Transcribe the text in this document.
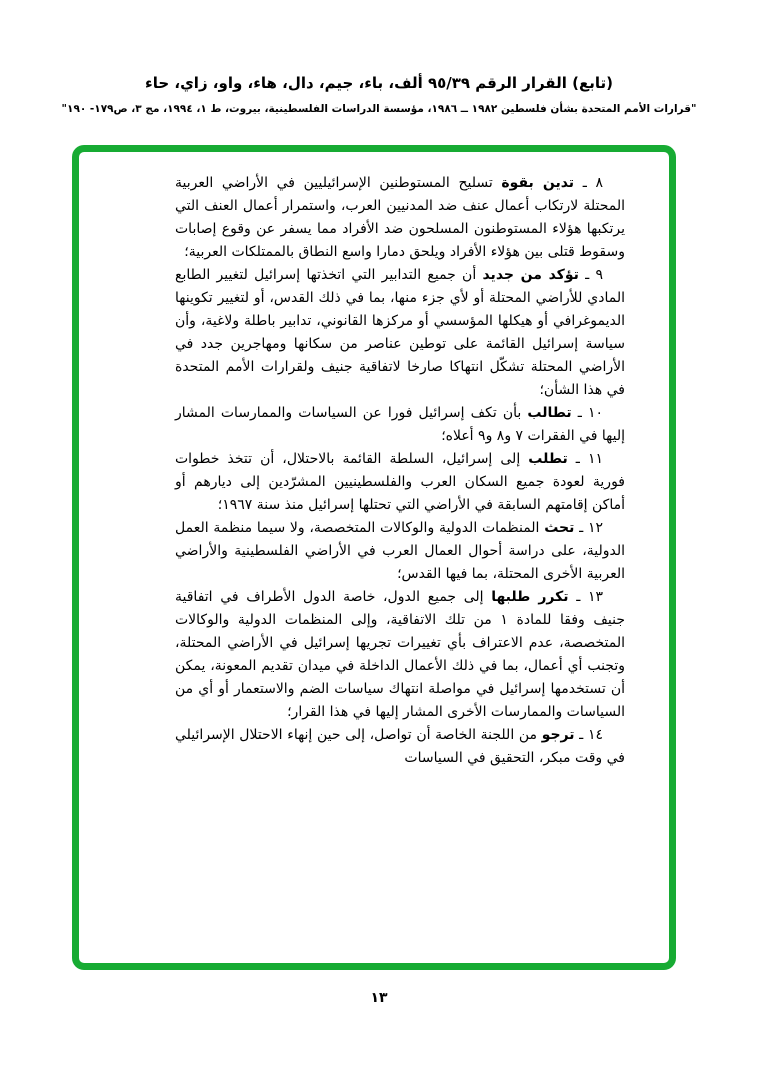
(تابع) القرار الرقم ٩٥/٣٩ ألف، باء، جيم، دال، هاء، واو، زاي، حاء
"قرارات الأمم المتحدة بشأن فلسطين ١٩٨٢ ــ ١٩٨٦، مؤسسة الدراسات الفلسطينية، بيروت، ط ١، ١٩٩٤، مج ٣، ص١٧٩- ١٩٠"

٨ ـ تدين بقوة تسليح المستوطنين الإسرائيليين في الأراضي العربية المحتلة لارتكاب أعمال عنف ضد المدنيين العرب، واستمرار أعمال العنف التي يرتكبها هؤلاء المستوطنون المسلحون ضد الأفراد مما يسفر عن وقوع إصابات وسقوط قتلى بين هؤلاء الأفراد ويلحق دمارا واسع النطاق بالممتلكات العربية؛

٩ ـ تؤكد من جديد أن جميع التدابير التي اتخذتها إسرائيل لتغيير الطابع المادي للأراضي المحتلة أو لأي جزء منها، بما في ذلك القدس، أو لتغيير تكوينها الديموغرافي أو هيكلها المؤسسي أو مركزها القانوني، تدابير باطلة ولاغية، وأن سياسة إسرائيل القائمة على توطين عناصر من سكانها ومهاجرين جدد في الأراضي المحتلة تشكّل انتهاكا صارخا لاتفاقية جنيف ولقرارات الأمم المتحدة في هذا الشأن؛

١٠ ـ تطالب بأن تكف إسرائيل فورا عن السياسات والممارسات المشار إليها في الفقرات ٧ و٨ و٩ أعلاه؛

١١ ـ تطلب إلى إسرائيل، السلطة القائمة بالاحتلال، أن تتخذ خطوات فورية لعودة جميع السكان العرب والفلسطينيين المشرّدين إلى ديارهم أو أماكن إقامتهم السابقة في الأراضي التي تحتلها إسرائيل منذ سنة ١٩٦٧؛

١٢ ـ تحث المنظمات الدولية والوكالات المتخصصة، ولا سيما منظمة العمل الدولية، على دراسة أحوال العمال العرب في الأراضي الفلسطينية والأراضي العربية الأخرى المحتلة، بما فيها القدس؛

١٣ ـ تكرر طلبها إلى جميع الدول، خاصة الدول الأطراف في اتفاقية جنيف وفقا للمادة ١ من تلك الاتفاقية، وإلى المنظمات الدولية والوكالات المتخصصة، عدم الاعتراف بأي تغييرات تجريها إسرائيل في الأراضي المحتلة، وتجنب أي أعمال، بما في ذلك الأعمال الداخلة في ميدان تقديم المعونة، يمكن أن تستخدمها إسرائيل في مواصلة انتهاك سياسات الضم والاستعمار أو أي من السياسات والممارسات الأخرى المشار إليها في هذا القرار؛

١٤ ـ ترجو من اللجنة الخاصة أن تواصل، إلى حين إنهاء الاحتلال الإسرائيلي في وقت مبكر، التحقيق في السياسات

١٣
